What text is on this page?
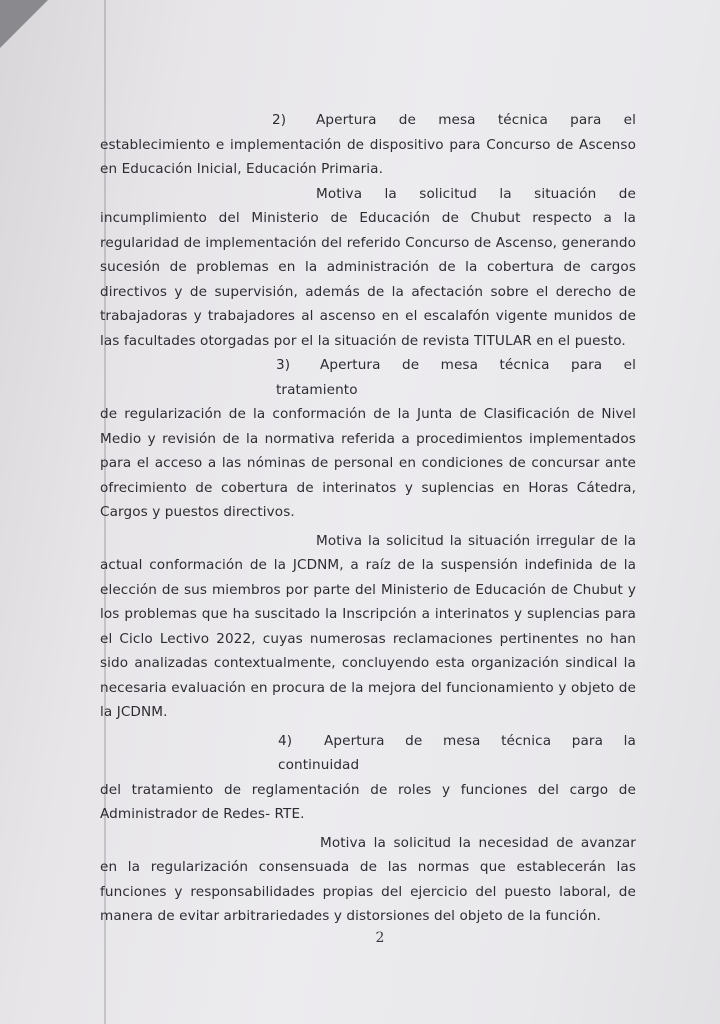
2) Apertura de mesa técnica para el

establecimiento e implementación de dispositivo para Concurso de Ascenso en Educación Inicial, Educación Primaria.

Motiva la solicitud la situación de incumplimiento del Ministerio de Educación de Chubut respecto a la regularidad de implementación del referido Concurso de Ascenso, generando sucesión de problemas en la administración de la cobertura de cargos directivos y de supervisión, además de la afectación sobre el derecho de trabajadoras y trabajadores al ascenso en el escalafón vigente munidos de las facultades otorgadas por el la situación de revista TITULAR en el puesto.

3) Apertura de mesa técnica para el tratamiento

de regularización de la conformación de la Junta de Clasificación de Nivel Medio y revisión de la normativa referida a procedimientos implementados para el acceso a las nóminas de personal en condiciones de concursar ante ofrecimiento de cobertura de interinatos y suplencias en Horas Cátedra, Cargos y puestos directivos.

Motiva la solicitud la situación irregular de la actual conformación de la JCDNM, a raíz de la suspensión indefinida de la elección de sus miembros por parte del Ministerio de Educación de Chubut y los problemas que ha suscitado la Inscripción a interinatos y suplencias para el Ciclo Lectivo 2022, cuyas numerosas reclamaciones pertinentes no han sido analizadas contextualmente, concluyendo esta organización sindical la necesaria evaluación en procura de la mejora del funcionamiento y objeto de la JCDNM.

4) Apertura de mesa técnica para la continuidad

del tratamiento de reglamentación de roles y funciones del cargo de Administrador de Redes- RTE.

Motiva la solicitud la necesidad de avanzar en la regularización consensuada de las normas que establecerán las funciones y responsabilidades propias del ejercicio del puesto laboral, de manera de evitar arbitrariedades y distorsiones del objeto de la función.

2
